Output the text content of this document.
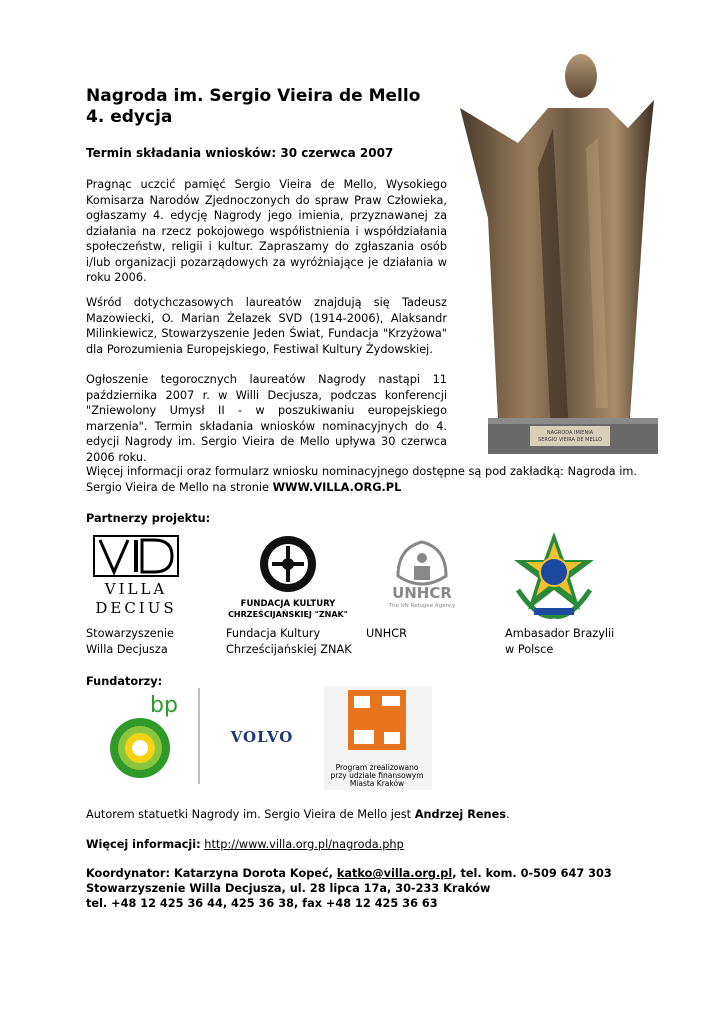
Nagroda im. Sergio Vieira de Mello
4. edycja
Termin składania wniosków: 30 czerwca 2007
Pragnąc uczcić pamięć Sergio Vieira de Mello, Wysokiego Komisarza Narodów Zjednoczonych do spraw Praw Człowieka, ogłaszamy 4. edycję Nagrody jego imienia, przyznawanej za działania na rzecz pokojowego współistnienia i współdziałania społeczeństw, religii i kultur. Zapraszamy do zgłaszania osób i/lub organizacji pozarządowych za wyróżniające je działania w roku 2006.
Wśród dotychczasowych laureatów znajdują się Tadeusz Mazowiecki, O. Marian Żelazek SVD (1914-2006), Alaksandr Milinkiewicz, Stowarzyszenie Jeden Świat, Fundacja "Krzyżowa" dla Porozumienia Europejskiego, Festiwal Kultury Żydowskiej.
Ogłoszenie tegorocznych laureatów Nagrody nastąpi 11 października 2007 r. w Willi Decjusza, podczas konferencji "Zniewolony Umysł II - w poszukiwaniu europejskiego marzenia". Termin składania wniosków nominacyjnych do 4. edycji Nagrody im. Sergio Vieira de Mello upływa 30 czerwca 2006 roku.
NAGRODA IMIENIA
SERGIO VIEIRA DE MELLO
Więcej informacji oraz formularz wniosku nominacyjnego dostępne są pod zakładką: Nagroda im. Sergio Vieira de Mello na stronie WWW.VILLA.ORG.PL
Partnerzy projektu:
VILLA
DECIUS	FUNDACJA KULTURY
CHRZEŚCIJAŃSKIEJ "ZNAK"
UNHCR
The UN Refugee Agency
Stowarzyszenie
Willa Decjusza
Fundacja Kultury
Chrześcijańskiej ZNAK
UNHCR	Ambasador Brazylii
w Polsce
Fundatorzy:
bp
VOLVO
Program zrealizowano
przy udziale finansowym
Miasta Kraków
Autorem statuetki Nagrody im. Sergio Vieira de Mello jest Andrzej Renes.
Więcej informacji: http://www.villa.org.pl/nagroda.php
Koordynator: Katarzyna Dorota Kopeć, katko@villa.org.pl, tel. kom. 0-509 647 303
Stowarzyszenie Willa Decjusza, ul. 28 lipca 17a, 30-233 Kraków
tel. +48 12 425 36 44, 425 36 38, fax +48 12 425 36 63
